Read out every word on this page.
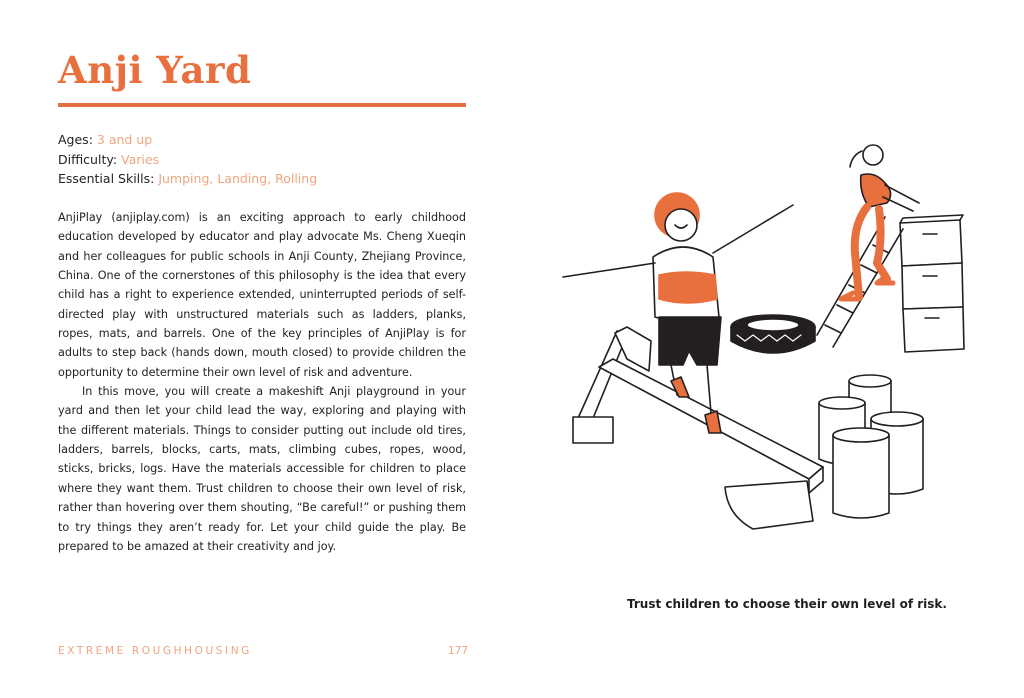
Anji Yard
Ages: 3 and up
Difficulty: Varies
Essential Skills: Jumping, Landing, Rolling

AnjiPlay (anjiplay.com) is an exciting approach to early childhood education developed by educator and play advocate Ms. Cheng Xueqin and her colleagues for public schools in Anji County, Zhejiang Province, China. One of the cornerstones of this philosophy is the idea that every child has a right to experience extended, uninterrupted periods of self-directed play with unstructured materials such as ladders, planks, ropes, mats, and barrels. One of the key principles of AnjiPlay is for adults to step back (hands down, mouth closed) to provide children the opportunity to determine their own level of risk and adventure.

In this move, you will create a makeshift Anji playground in your yard and then let your child lead the way, exploring and playing with the different materials. Things to consider putting out include old tires, ladders, barrels, blocks, carts, mats, climbing cubes, ropes, wood, sticks, bricks, logs. Have the materials accessible for children to place where they want them. Trust children to choose their own level of risk, rather than hovering over them shouting, “Be careful!” or pushing them to try things they aren’t ready for. Let your child guide the play. Be prepared to be amazed at their creativity and joy.

Trust children to choose their own level of risk.

EXTREME ROUGHHOUSING	177
